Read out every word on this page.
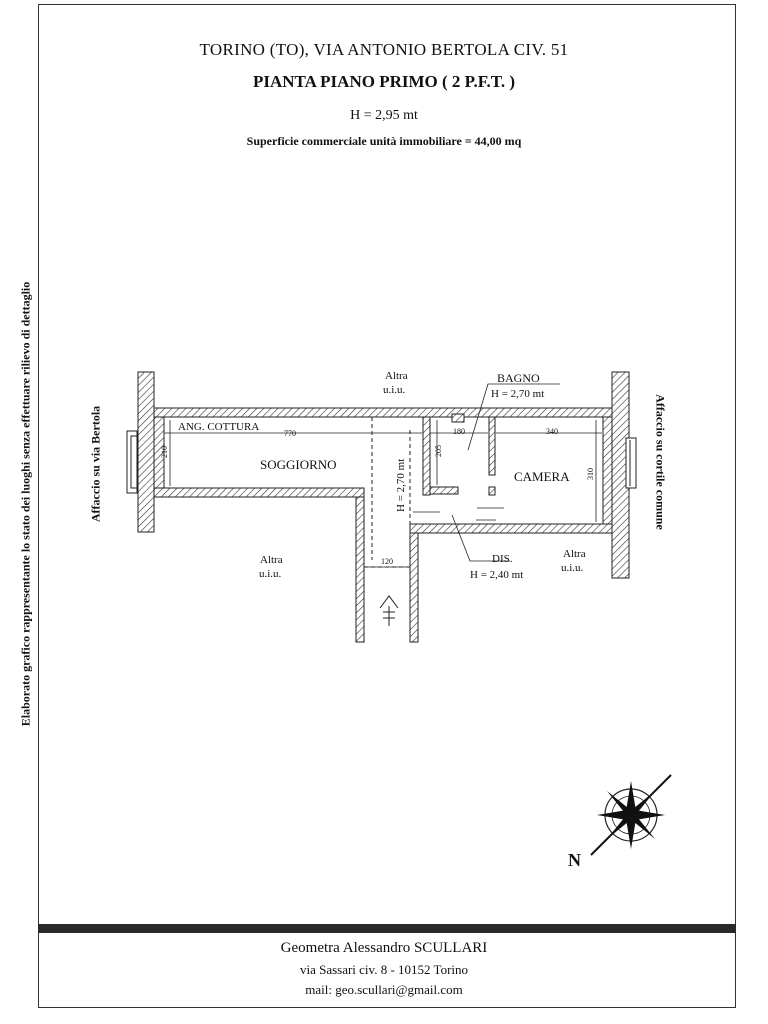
TORINO (TO), VIA ANTONIO BERTOLA CIV. 51
PIANTA PIANO PRIMO ( 2 P.F.T. )
H = 2,95 mt
Superficie commerciale unità immobiliare = 44,00 mq
Elaborato grafico rappresentante lo stato dei luoghi senza effettuare rilievo di dettaglio	Affaccio su via Bertola	Affaccio su cortile comune
ANG. COTTURA
SOGGIORNO
CAMERA
BAGNO
H = 2,70 mt
DIS.
H = 2,40 mt
H = 2,70 mt
Altra
u.i.u.
Altra
u.i.u.
Altra
u.i.u.
770
210	205
180	340
310
120
N
Geometra Alessandro SCULLARI
via Sassari civ. 8 - 10152 Torino
mail: geo.scullari@gmail.com
